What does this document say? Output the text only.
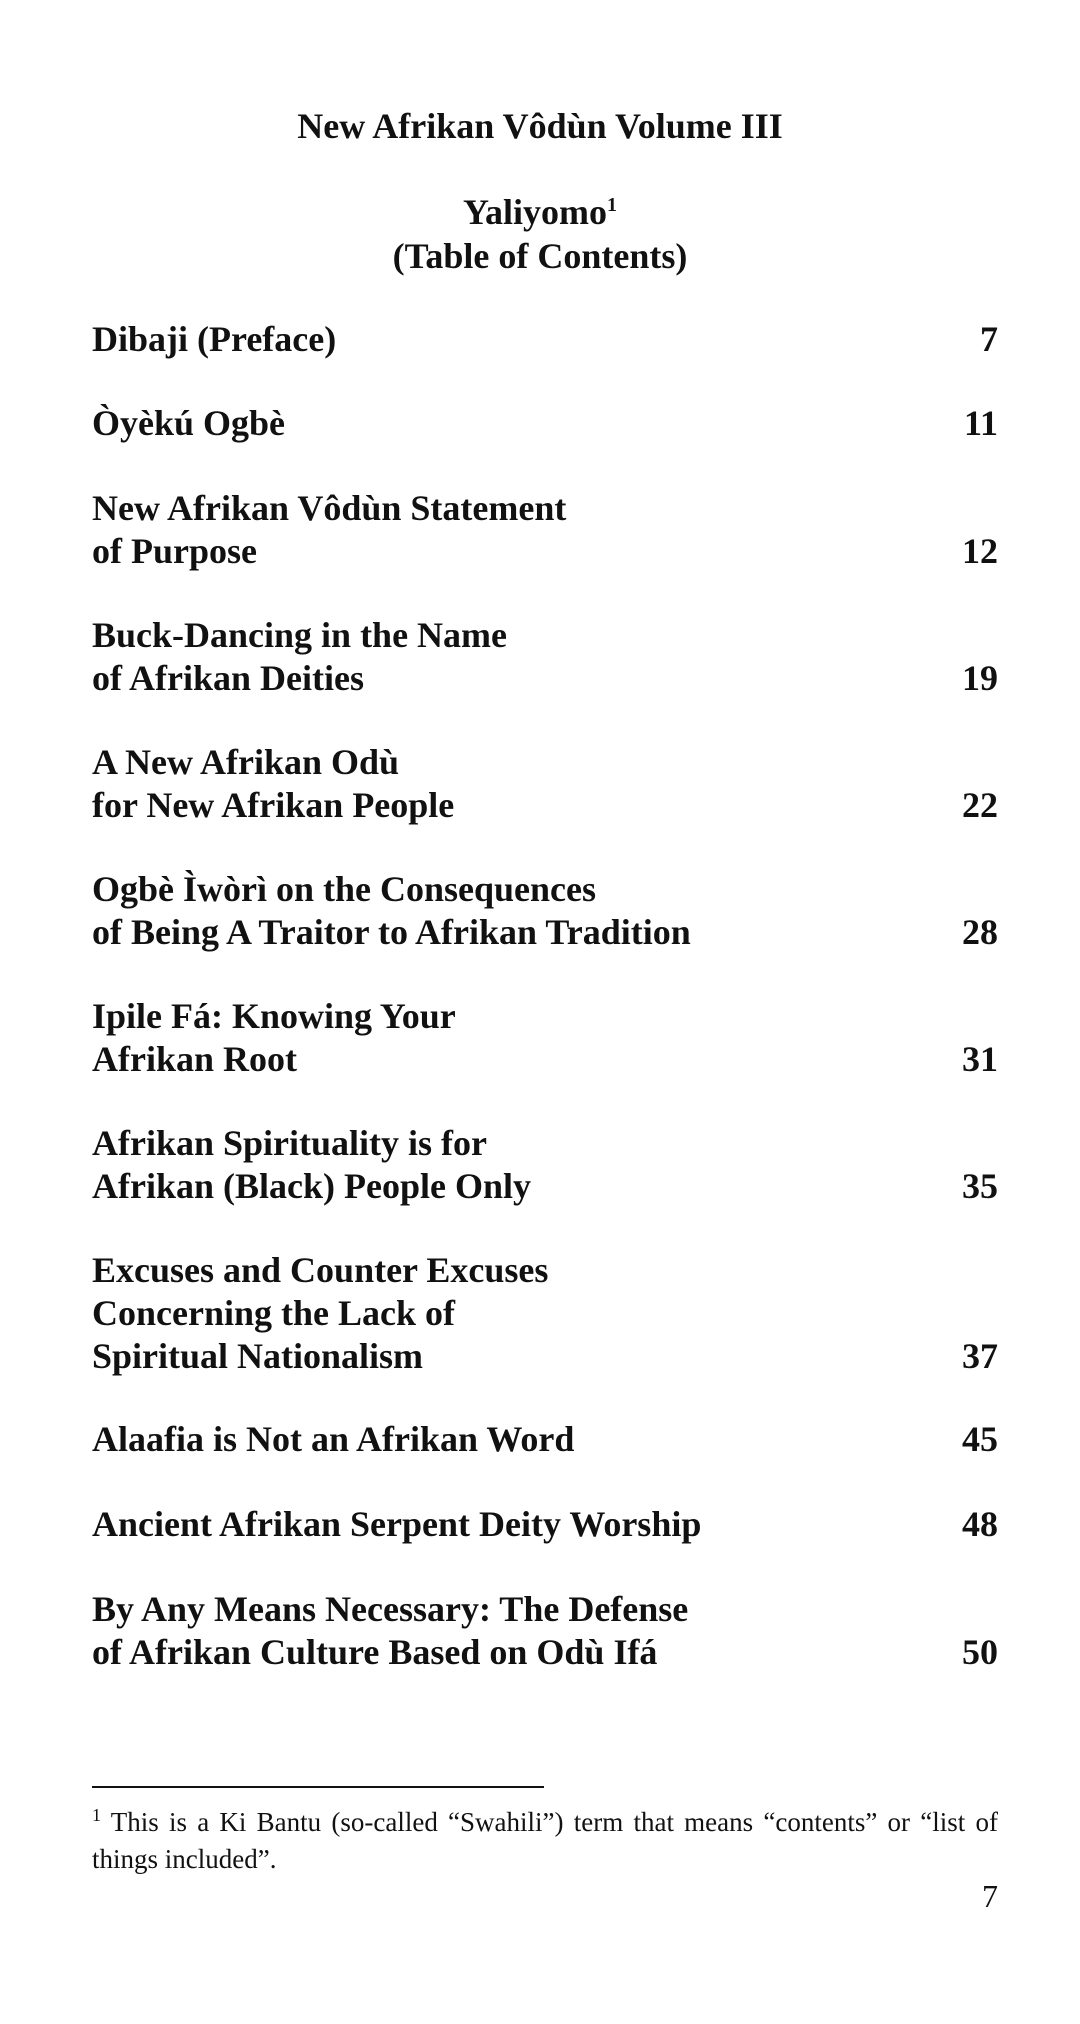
New Afrikan Vôdùn Volume III
Yaliyomo$^1$
(Table of Contents)
Dibaji (Preface)	7
Òyèkú Ogbè	11
New Afrikan Vôdùn Statement
of Purpose	12
Buck-Dancing in the Name
of Afrikan Deities	19
A New Afrikan Odù
for New Afrikan People	22
Ogbè Ìwòrì on the Consequences
of Being A Traitor to Afrikan Tradition	28
Ipile Fá: Knowing Your
Afrikan Root	31
Afrikan Spirituality is for
Afrikan (Black) People Only	35
Excuses and Counter Excuses
Concerning the Lack of
Spiritual Nationalism	37
Alaafia is Not an Afrikan Word	45
Ancient Afrikan Serpent Deity Worship	48
By Any Means Necessary: The Defense
of Afrikan Culture Based on Odù Ifá	50
$^1$ This is a Ki Bantu (so-called “Swahili”) term that means “contents” or “list of things included”.
7
